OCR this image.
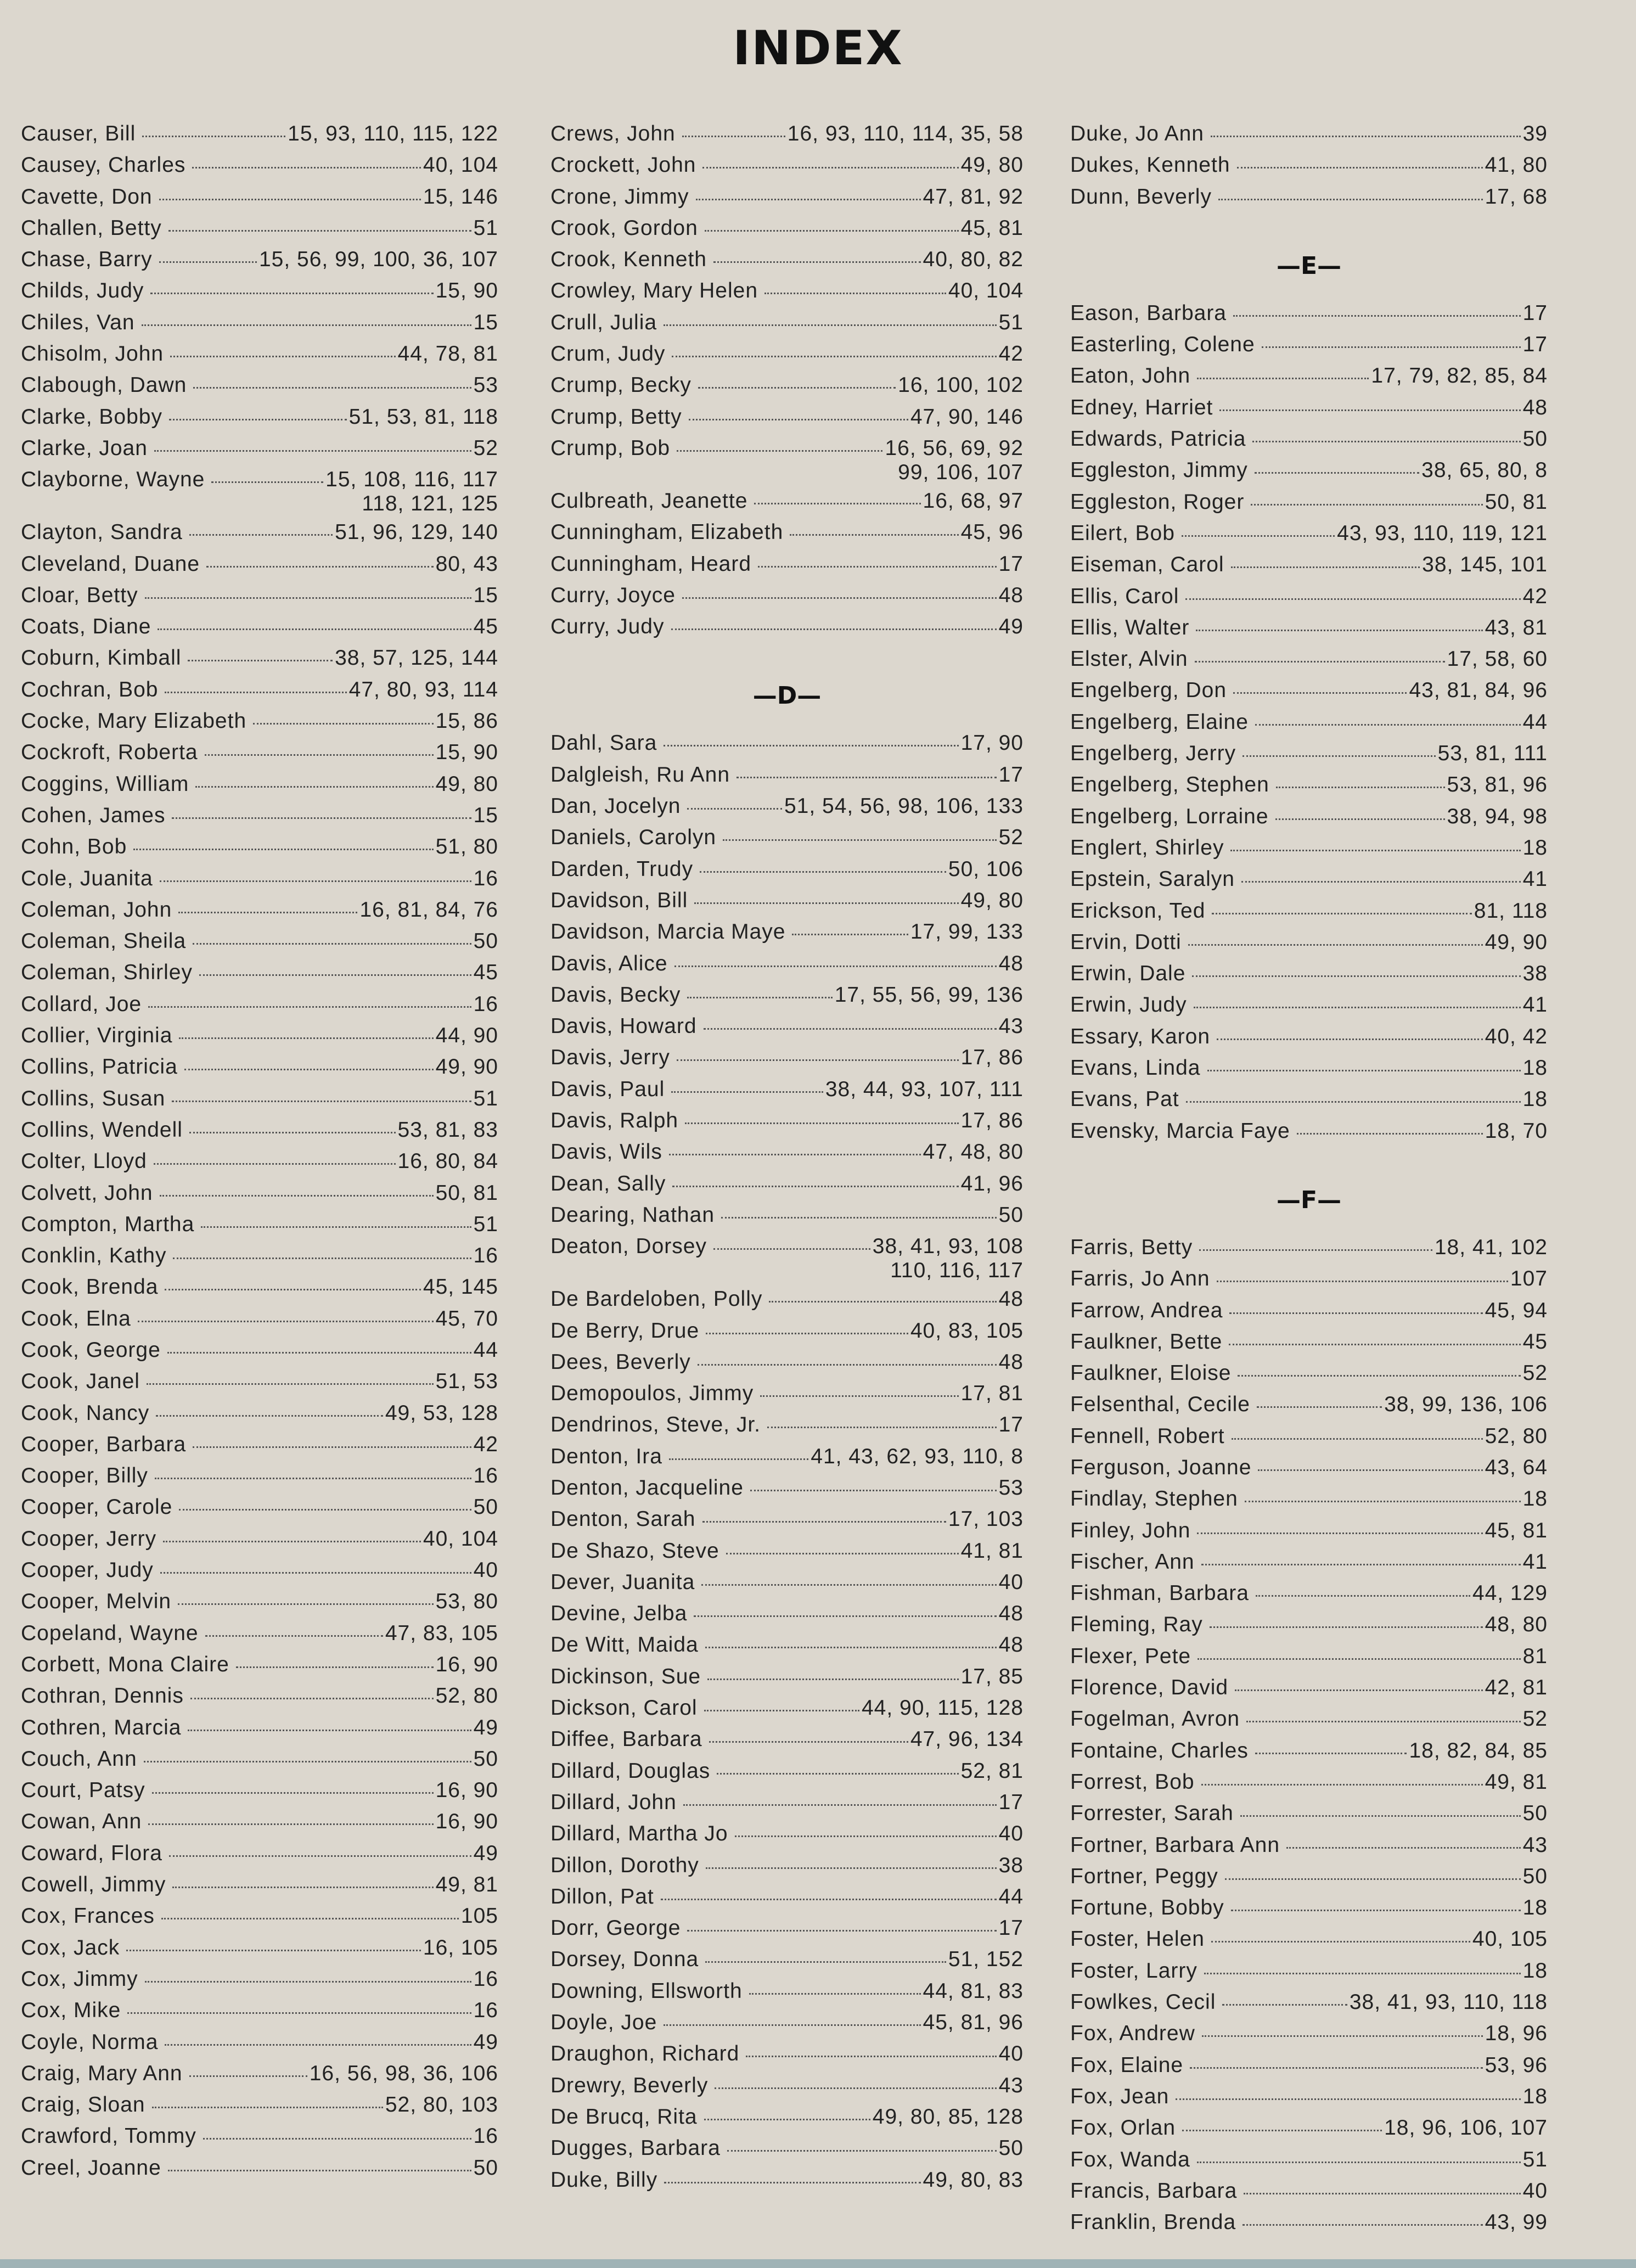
INDEX
Causer, Bill	15, 93, 110, 115, 122
Causey, Charles	40, 104
Cavette, Don	15, 146
Challen, Betty	51
Chase, Barry	15, 56, 99, 100, 36, 107
Childs, Judy	15, 90
Chiles, Van	15
Chisolm, John	44, 78, 81
Clabough, Dawn	53
Clarke, Bobby	51, 53, 81, 118
Clarke, Joan	52
Clayborne, Wayne	15, 108, 116, 117
118, 121, 125
Clayton, Sandra	51, 96, 129, 140
Cleveland, Duane	80, 43
Cloar, Betty	15
Coats, Diane	45
Coburn, Kimball	38, 57, 125, 144
Cochran, Bob	47, 80, 93, 114
Cocke, Mary Elizabeth	15, 86
Cockroft, Roberta	15, 90
Coggins, William	49, 80
Cohen, James	15
Cohn, Bob	51, 80
Cole, Juanita	16
Coleman, John	16, 81, 84, 76
Coleman, Sheila	50
Coleman, Shirley	45
Collard, Joe	16
Collier, Virginia	44, 90
Collins, Patricia	49, 90
Collins, Susan	51
Collins, Wendell	53, 81, 83
Colter, Lloyd	16, 80, 84
Colvett, John	50, 81
Compton, Martha	51
Conklin, Kathy	16
Cook, Brenda	45, 145
Cook, Elna	45, 70
Cook, George	44
Cook, Janel	51, 53
Cook, Nancy	49, 53, 128
Cooper, Barbara	42
Cooper, Billy	16
Cooper, Carole	50
Cooper, Jerry	40, 104
Cooper, Judy	40
Cooper, Melvin	53, 80
Copeland, Wayne	47, 83, 105
Corbett, Mona Claire	16, 90
Cothran, Dennis	52, 80
Cothren, Marcia	49
Couch, Ann	50
Court, Patsy	16, 90
Cowan, Ann	16, 90
Coward, Flora	49
Cowell, Jimmy	49, 81
Cox, Frances	105
Cox, Jack	16, 105
Cox, Jimmy	16
Cox, Mike	16
Coyle, Norma	49
Craig, Mary Ann	16, 56, 98, 36, 106
Craig, Sloan	52, 80, 103
Crawford, Tommy	16
Creel, Joanne	50
Crews, John	16, 93, 110, 114, 35, 58
Crockett, John	49, 80
Crone, Jimmy	47, 81, 92
Crook, Gordon	45, 81
Crook, Kenneth	40, 80, 82
Crowley, Mary Helen	40, 104
Crull, Julia	51
Crum, Judy	42
Crump, Becky	16, 100, 102
Crump, Betty	47, 90, 146
Crump, Bob	16, 56, 69, 92
99, 106, 107
Culbreath, Jeanette	16, 68, 97
Cunningham, Elizabeth	45, 96
Cunningham, Heard	17
Curry, Joyce	48
Curry, Judy	49
—D—
Dahl, Sara	17, 90
Dalgleish, Ru Ann	17
Dan, Jocelyn	51, 54, 56, 98, 106, 133
Daniels, Carolyn	52
Darden, Trudy	50, 106
Davidson, Bill	49, 80
Davidson, Marcia Maye	17, 99, 133
Davis, Alice	48
Davis, Becky	17, 55, 56, 99, 136
Davis, Howard	43
Davis, Jerry	17, 86
Davis, Paul	38, 44, 93, 107, 111
Davis, Ralph	17, 86
Davis, Wils	47, 48, 80
Dean, Sally	41, 96
Dearing, Nathan	50
Deaton, Dorsey	38, 41, 93, 108
110, 116, 117
De Bardeloben, Polly	48
De Berry, Drue	40, 83, 105
Dees, Beverly	48
Demopoulos, Jimmy	17, 81
Dendrinos, Steve, Jr.	17
Denton, Ira	41, 43, 62, 93, 110, 8
Denton, Jacqueline	53
Denton, Sarah	17, 103
De Shazo, Steve	41, 81
Dever, Juanita	40
Devine, Jelba	48
De Witt, Maida	48
Dickinson, Sue	17, 85
Dickson, Carol	44, 90, 115, 128
Diffee, Barbara	47, 96, 134
Dillard, Douglas	52, 81
Dillard, John	17
Dillard, Martha Jo	40
Dillon, Dorothy	38
Dillon, Pat	44
Dorr, George	17
Dorsey, Donna	51, 152
Downing, Ellsworth	44, 81, 83
Doyle, Joe	45, 81, 96
Draughon, Richard	40
Drewry, Beverly	43
De Brucq, Rita	49, 80, 85, 128
Dugges, Barbara	50
Duke, Billy	49, 80, 83
Duke, Jo Ann	39
Dukes, Kenneth	41, 80
Dunn, Beverly	17, 68
—E—
Eason, Barbara	17
Easterling, Colene	17
Eaton, John	17, 79, 82, 85, 84
Edney, Harriet	48
Edwards, Patricia	50
Eggleston, Jimmy	38, 65, 80, 8
Eggleston, Roger	50, 81
Eilert, Bob	43, 93, 110, 119, 121
Eiseman, Carol	38, 145, 101
Ellis, Carol	42
Ellis, Walter	43, 81
Elster, Alvin	17, 58, 60
Engelberg, Don	43, 81, 84, 96
Engelberg, Elaine	44
Engelberg, Jerry	53, 81, 111
Engelberg, Stephen	53, 81, 96
Engelberg, Lorraine	38, 94, 98
Englert, Shirley	18
Epstein, Saralyn	41
Erickson, Ted	81, 118
Ervin, Dotti	49, 90
Erwin, Dale	38
Erwin, Judy	41
Essary, Karon	40, 42
Evans, Linda	18
Evans, Pat	18
Evensky, Marcia Faye	18, 70
—F—
Farris, Betty	18, 41, 102
Farris, Jo Ann	107
Farrow, Andrea	45, 94
Faulkner, Bette	45
Faulkner, Eloise	52
Felsenthal, Cecile	38, 99, 136, 106
Fennell, Robert	52, 80
Ferguson, Joanne	43, 64
Findlay, Stephen	18
Finley, John	45, 81
Fischer, Ann	41
Fishman, Barbara	44, 129
Fleming, Ray	48, 80
Flexer, Pete	81
Florence, David	42, 81
Fogelman, Avron	52
Fontaine, Charles	18, 82, 84, 85
Forrest, Bob	49, 81
Forrester, Sarah	50
Fortner, Barbara Ann	43
Fortner, Peggy	50
Fortune, Bobby	18
Foster, Helen	40, 105
Foster, Larry	18
Fowlkes, Cecil	38, 41, 93, 110, 118
Fox, Andrew	18, 96
Fox, Elaine	53, 96
Fox, Jean	18
Fox, Orlan	18, 96, 106, 107
Fox, Wanda	51
Francis, Barbara	40
Franklin, Brenda	43, 99
